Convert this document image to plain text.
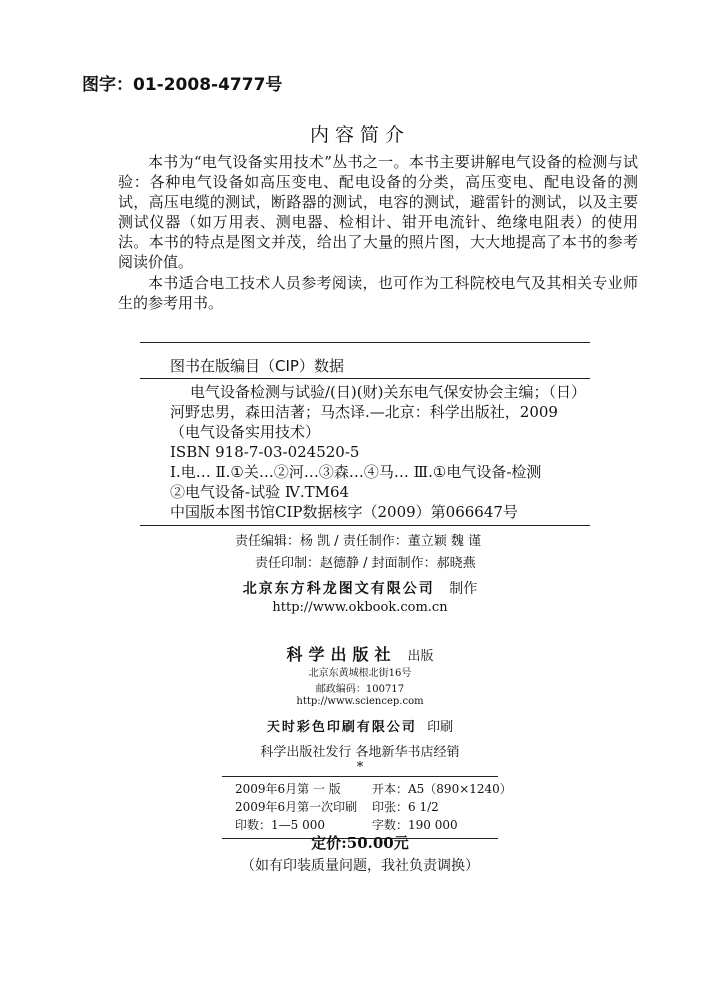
图字：01-2008-4777号
内容简介

本书为“电气设备实用技术”丛书之一。本书主要讲解电气设备的检测与试验：各种电气设备如高压变电、配电设备的分类，高压变电、配电设备的测试，高压电缆的测试，断路器的测试，电容的测试，避雷针的测试，以及主要测试仪器（如万用表、测电器、检相计、钳开电流针、绝缘电阻表）的使用法。本书的特点是图文并茂，给出了大量的照片图，大大地提高了本书的参考阅读价值。

本书适合电工技术人员参考阅读，也可作为工科院校电气及其相关专业师生的参考用书。

图书在版编目（CIP）数据
电气设备检测与试验/(日)(财)关东电气保安协会主编；（日）
河野忠男，森田洁著；马杰译.—北京：科学出版社，2009
（电气设备实用技术）
ISBN 918-7-03-024520-5
Ⅰ.电… Ⅱ.①关…②河…③森…④马… Ⅲ.①电气设备-检测
②电气设备-试验 Ⅳ.TM64
中国版本图书馆CIP数据核字（2009）第066647号
责任编辑：杨 凯 / 责任制作：董立颖 魏 谨
责任印制：赵德静 / 封面制作：郝晓燕
北京东方科龙图文有限公司 制作
http://www.okbook.com.cn
科学出版社 出版
北京东黄城根北街16号
邮政编码：100717
http://www.sciencep.com
天时彩色印刷有限公司 印刷
科学出版社发行 各地新华书店经销
*
2009年6月第 一 版
2009年6月第一次印刷
印数：1—5 000
开本：A5（890×1240）
印张：6 1/2
字数：190 000
定价:50.00元
（如有印装质量问题，我社负责调换）
